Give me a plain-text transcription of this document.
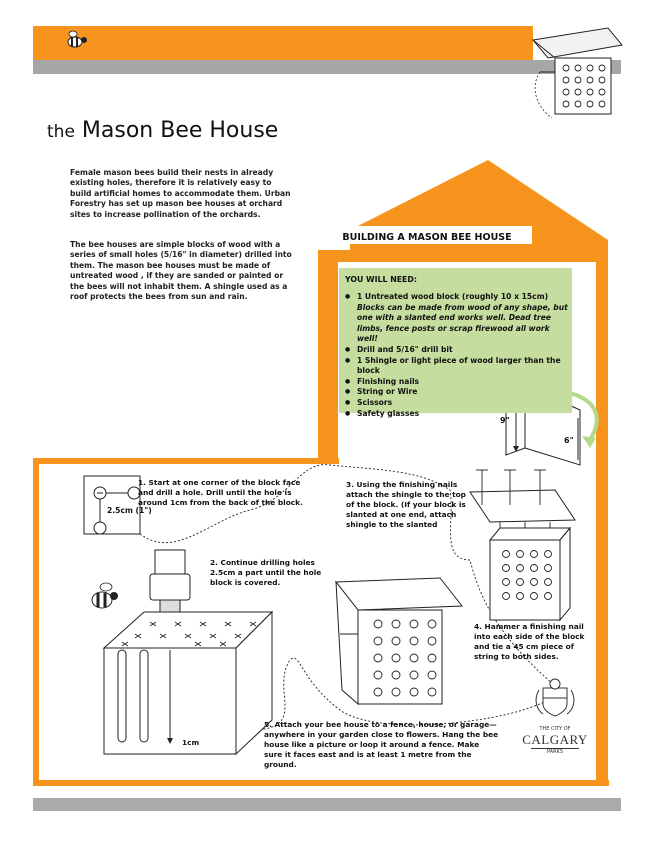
the Mason Bee House
Female mason bees build their nests in already existing holes, therefore it is relatively easy to build artificial homes to accommodate them. Urban Forestry has set up mason bee houses at orchard sites to increase pollination of the orchards.
The bee houses are simple blocks of wood with a series of small holes (5/16" in diameter) drilled into them. The mason bee houses must be made of untreated wood , if they are sanded or painted or the bees will not inhabit them. A shingle used as a roof protects the bees from sun and rain.
BUILDING A MASON BEE HOUSE
YOU WILL NEED:
● 1 Untreated wood block (roughly 10 x 15cm)
Blocks can be made from wood of any shape, but one with a slanted end works well. Dead tree limbs, fence posts or scrap firewood all work well!
● Drill and 5/16" drill bit
● 1 Shingle or light piece of wood larger than the block
● Finishing nails
● String or Wire
● Scissors
● Safety glasses
9"
6"
1. Start at one corner of the block face and drill a hole. Drill until the hole is around 1cm from the back of the block.
2.5cm (1")
2. Continue drilling holes 2.5cm a part until the hole block is covered.
1cm
3. Using the finishing nails attach the shingle to the top of the block. (If your block is slanted at one end, attach shingle to the slanted
4. Hammer a finishing nail into each side of the block and tie a 45 cm piece of string to both sides.
5. Attach your bee house to a fence, house, or garage—anywhere in your garden close to flowers. Hang the bee house like a picture or loop it around a fence. Make sure it faces east and is at least 1 metre from the ground.
THE CITY OF
CALGARY
PARKS
